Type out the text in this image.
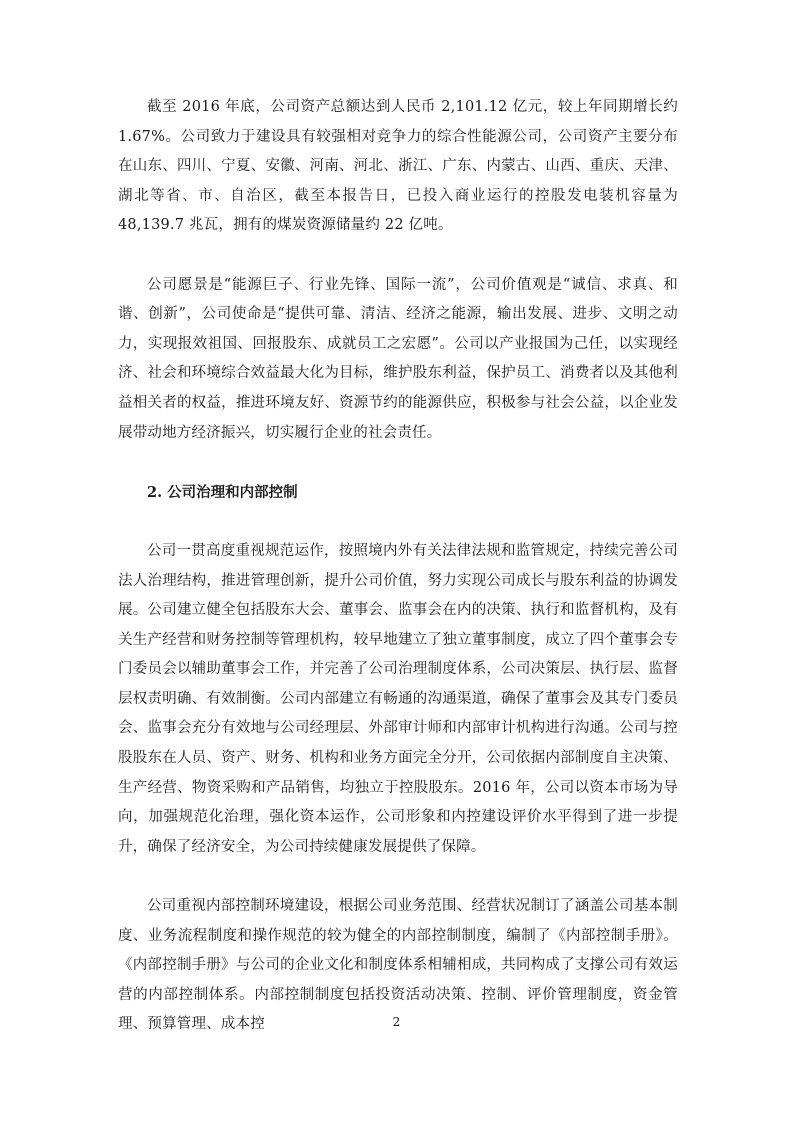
截至 2016 年底，公司资产总额达到人民币 2,101.12 亿元，较上年同期增长约 1.67%。公司致力于建设具有较强相对竞争力的综合性能源公司，公司资产主要分布在山东、四川、宁夏、安徽、河南、河北、浙江、广东、内蒙古、山西、重庆、天津、湖北等省、市、自治区，截至本报告日，已投入商业运行的控股发电装机容量为 48,139.7 兆瓦，拥有的煤炭资源储量约 22 亿吨。

公司愿景是“能源巨子、行业先锋、国际一流”，公司价值观是“诚信、求真、和谐、创新”，公司使命是“提供可靠、清洁、经济之能源，输出发展、进步、文明之动力，实现报效祖国、回报股东、成就员工之宏愿”。公司以产业报国为己任，以实现经济、社会和环境综合效益最大化为目标，维护股东利益，保护员工、消费者以及其他利益相关者的权益，推进环境友好、资源节约的能源供应，积极参与社会公益，以企业发展带动地方经济振兴，切实履行企业的社会责任。

2. 公司治理和内部控制

公司一贯高度重视规范运作，按照境内外有关法律法规和监管规定，持续完善公司法人治理结构，推进管理创新，提升公司价值，努力实现公司成长与股东利益的协调发展。公司建立健全包括股东大会、董事会、监事会在内的决策、执行和监督机构，及有关生产经营和财务控制等管理机构，较早地建立了独立董事制度，成立了四个董事会专门委员会以辅助董事会工作，并完善了公司治理制度体系，公司决策层、执行层、监督层权责明确、有效制衡。公司内部建立有畅通的沟通渠道，确保了董事会及其专门委员会、监事会充分有效地与公司经理层、外部审计师和内部审计机构进行沟通。公司与控股股东在人员、资产、财务、机构和业务方面完全分开，公司依据内部制度自主决策、生产经营、物资采购和产品销售，均独立于控股股东。2016 年，公司以资本市场为导向，加强规范化治理，强化资本运作，公司形象和内控建设评价水平得到了进一步提升，确保了经济安全，为公司持续健康发展提供了保障。

公司重视内部控制环境建设，根据公司业务范围、经营状况制订了涵盖公司基本制度、业务流程制度和操作规范的较为健全的内部控制制度，编制了《内部控制手册》。《内部控制手册》与公司的企业文化和制度体系相辅相成，共同构成了支撑公司有效运营的内部控制体系。内部控制制度包括投资活动决策、控制、评价管理制度，资金管理、预算管理、成本控	2
